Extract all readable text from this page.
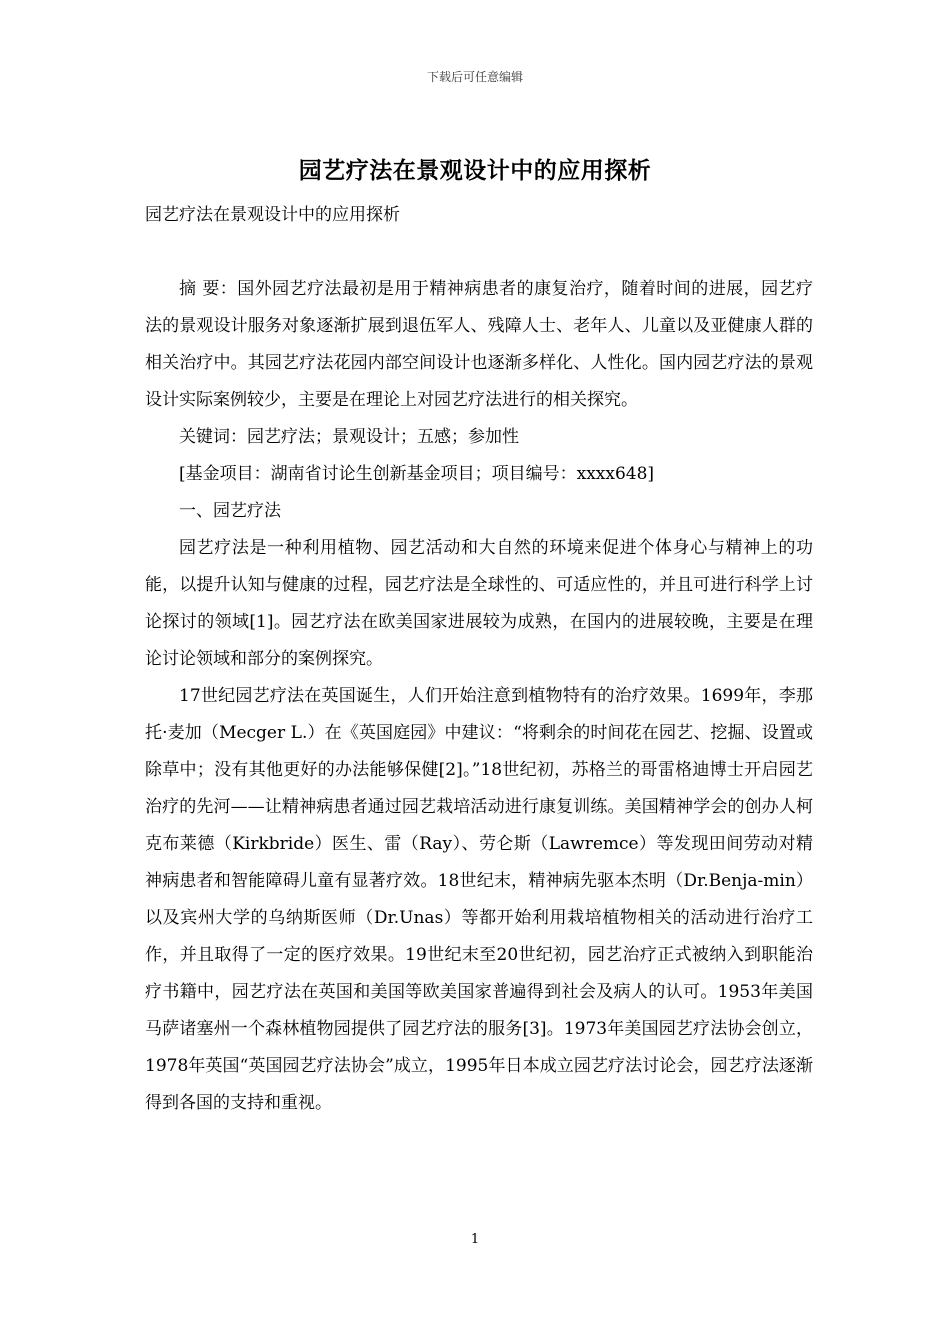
下载后可任意编辑
园艺疗法在景观设计中的应用探析

园艺疗法在景观设计中的应用探析

摘 要：国外园艺疗法最初是用于精神病患者的康复治疗，随着时间的进展，园艺疗法的景观设计服务对象逐渐扩展到退伍军人、残障人士、老年人、儿童以及亚健康人群的相关治疗中。其园艺疗法花园内部空间设计也逐渐多样化、人性化。国内园艺疗法的景观设计实际案例较少，主要是在理论上对园艺疗法进行的相关探究。

关键词：园艺疗法；景观设计；五感；参加性

[基金项目：湖南省讨论生创新基金项目；项目编号：xxxx648]

一、园艺疗法

园艺疗法是一种利用植物、园艺活动和大自然的环境来促进个体身心与精神上的功能，以提升认知与健康的过程，园艺疗法是全球性的、可适应性的，并且可进行科学上讨论探讨的领域[1]。园艺疗法在欧美国家进展较为成熟，在国内的进展较晚，主要是在理论讨论领域和部分的案例探究。

17世纪园艺疗法在英国诞生，人们开始注意到植物特有的治疗效果。1699年，李那托·麦加（Mecger L.）在《英国庭园》中建议：“将剩余的时间花在园艺、挖掘、设置或除草中；没有其他更好的办法能够保健[2]。”18世纪初，苏格兰的哥雷格迪博士开启园艺治疗的先河——让精神病患者通过园艺栽培活动进行康复训练。美国精神学会的创办人柯克布莱德（Kirkbride）医生、雷（Ray）、劳仑斯（Lawremce）等发现田间劳动对精神病患者和智能障碍儿童有显著疗效。18世纪末，精神病先驱本杰明（Dr.Benja-min）以及宾州大学的乌纳斯医师（Dr.Unas）等都开始利用栽培植物相关的活动进行治疗工作，并且取得了一定的医疗效果。19世纪末至20世纪初，园艺治疗正式被纳入到职能治疗书籍中，园艺疗法在英国和美国等欧美国家普遍得到社会及病人的认可。1953年美国马萨诸塞州一个森林植物园提供了园艺疗法的服务[3]。1973年美国园艺疗法协会创立，1978年英国“英国园艺疗法协会”成立，1995年日本成立园艺疗法讨论会，园艺疗法逐渐得到各国的支持和重视。

1
